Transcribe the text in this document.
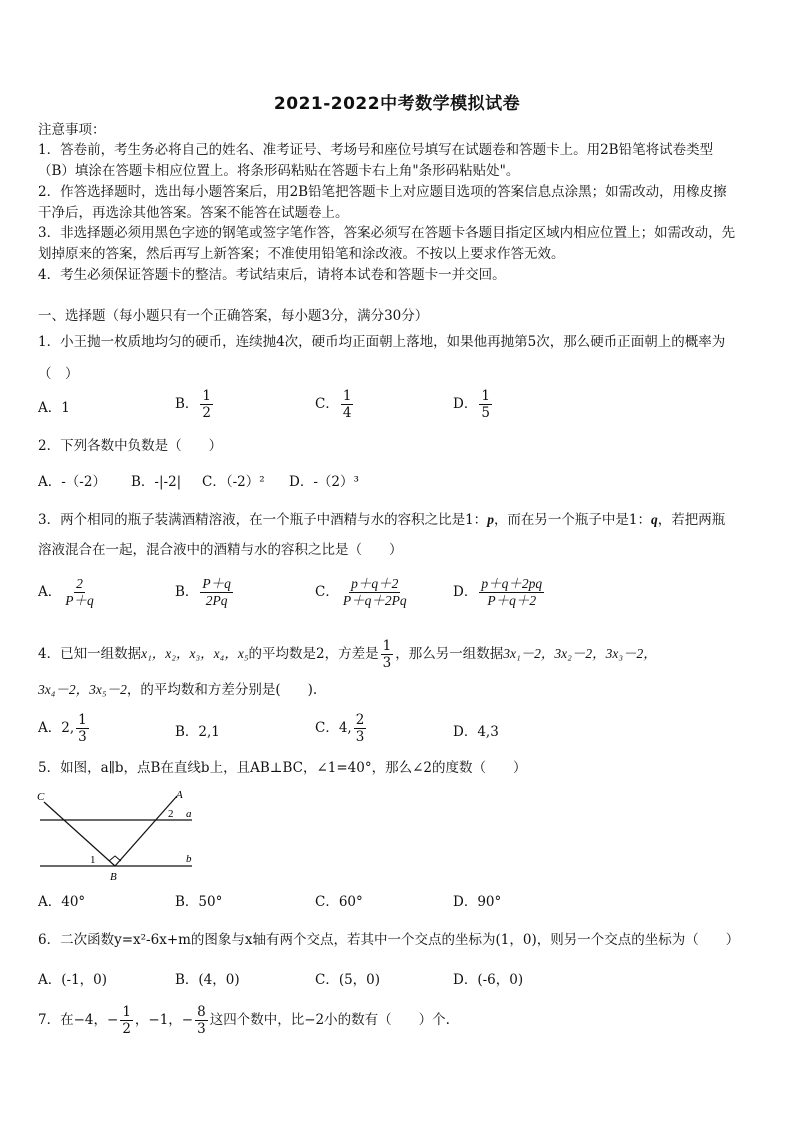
2021-2022中考数学模拟试卷
注意事项：
1．答卷前，考生务必将自己的姓名、准考证号、考场号和座位号填写在试题卷和答题卡上。用2B铅笔将试卷类型
（B）填涂在答题卡相应位置上。将条形码粘贴在答题卡右上角"条形码粘贴处"。
2．作答选择题时，选出每小题答案后，用2B铅笔把答题卡上对应题目选项的答案信息点涂黑；如需改动，用橡皮擦
干净后，再选涂其他答案。答案不能答在试题卷上。
3．非选择题必须用黑色字迹的钢笔或签字笔作答，答案必须写在答题卡各题目指定区域内相应位置上；如需改动，先
划掉原来的答案，然后再写上新答案；不准使用铅笔和涂改液。不按以上要求作答无效。
4．考生必须保证答题卡的整洁。考试结束后，请将本试卷和答题卡一并交回。
一、选择题（每小题只有一个正确答案，每小题3分，满分30分）
1．小王抛一枚质地均匀的硬币，连续抛4次，硬币均正面朝上落地，如果他再抛第5次，那么硬币正面朝上的概率为
（　）
A．1	B． $\frac{1}{2}$	C． $\frac{1}{4}$	D． $\frac{1}{5}$
2．下列各数中负数是（　　）
A．-（-2） B．-|-2| C．（-2）² D．-（2）³
3．两个相同的瓶子装满酒精溶液，在一个瓶子中酒精与水的容积之比是1：p，而在另一个瓶子中是1：q，若把两瓶
溶液混合在一起，混合液中的酒精与水的容积之比是（　　）
A． $\frac{2}{P+q}$	B． $\frac{P+q}{2Pq}$	C． $\frac{p+q+2}{P+q+2Pq}$	D． $\frac{p+q+2pq}{P+q+2}$
4．已知一组数据x₁，x₂，x₃，x₄，x₅的平均数是2，方差是 $\frac{1}{3}$ ，那么另一组数据3x₁－2，3x₂－2，3x₃－2，
3x₄－2，3x₅－2，的平均数和方差分别是(　　).
A．2, $\frac{1}{3}$	B．2,1	C．4, $\frac{2}{3}$	D．4,3
5．如图，a∥b，点B在直线b上，且AB⊥BC，∠1=40°，那么∠2的度数（　　）
C	A
a
b
B
1
2
A．40°	B．50°	C．60°	D．90°
6．二次函数y=x²-6x+m的图象与x轴有两个交点，若其中一个交点的坐标为(1，0)，则另一个交点的坐标为（　　）
A．(-1，0)	B．(4，0)	C．(5，0)	D．(-6，0)
7．在−4，− $\frac{1}{2}$ ，−1，− $\frac{8}{3}$ 这四个数中，比−2小的数有（　　）个.
